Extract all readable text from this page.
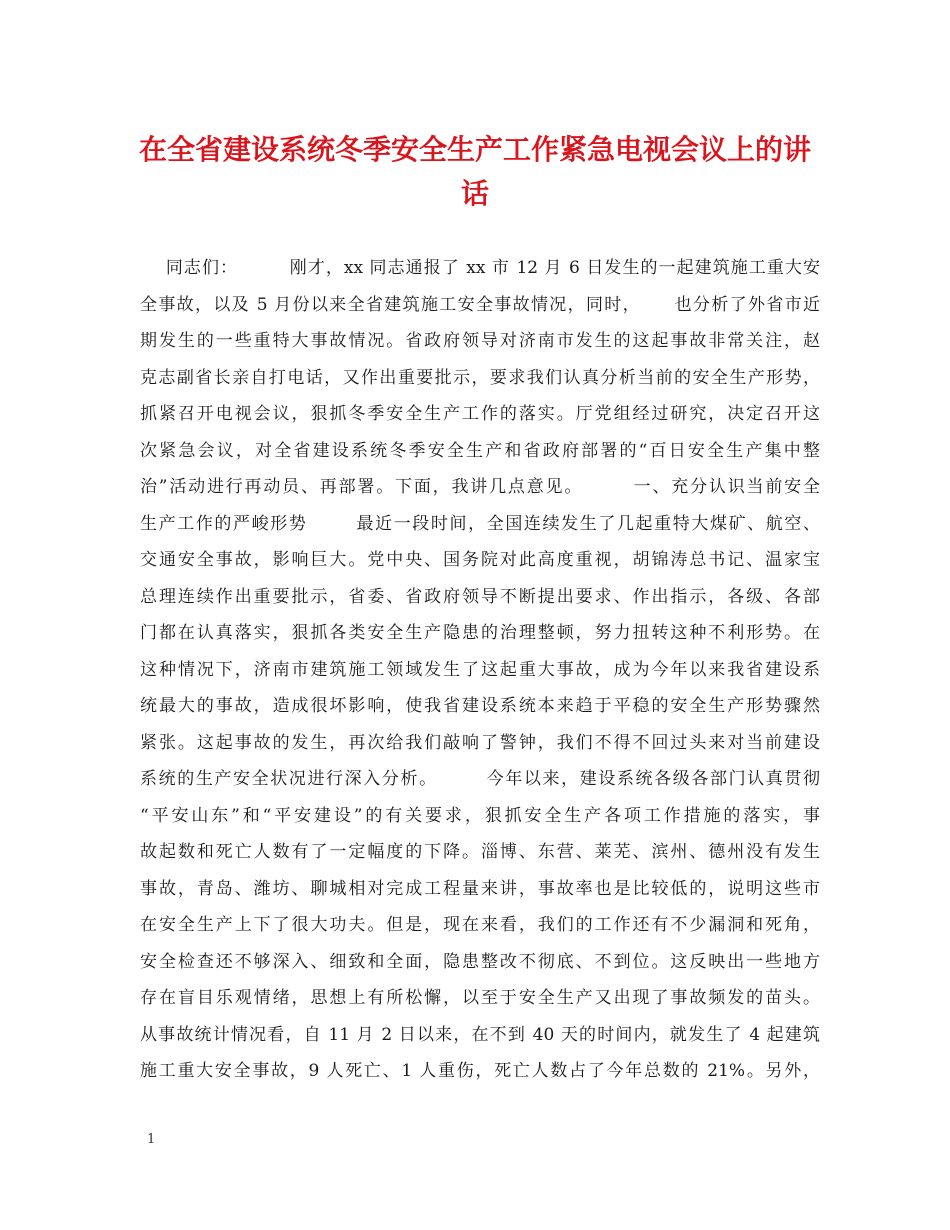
在全省建设系统冬季安全生产工作紧急电视会议上的讲
话
同志们：        刚才，xx 同志通报了 xx 市 12 月 6 日发生的一起建筑施工重大安
全事故，以及 5 月份以来全省建筑施工安全事故情况，同时，     也分析了外省市近
期发生的一些重特大事故情况。省政府领导对济南市发生的这起事故非常关注，赵
克志副省长亲自打电话，又作出重要批示，要求我们认真分析当前的安全生产形势，
抓紧召开电视会议，狠抓冬季安全生产工作的落实。厅党组经过研究，决定召开这
次紧急会议，对全省建设系统冬季安全生产和省政府部署的“百日安全生产集中整
治”活动进行再动员、再部署。下面，我讲几点意见。       一、充分认识当前安全
生产工作的严峻形势       最近一段时间，全国连续发生了几起重特大煤矿、航空、
交通安全事故，影响巨大。党中央、国务院对此高度重视，胡锦涛总书记、温家宝
总理连续作出重要批示，省委、省政府领导不断提出要求、作出指示，各级、各部
门都在认真落实，狠抓各类安全生产隐患的治理整顿，努力扭转这种不利形势。在
这种情况下，济南市建筑施工领域发生了这起重大事故，成为今年以来我省建设系
统最大的事故，造成很坏影响，使我省建设系统本来趋于平稳的安全生产形势骤然
紧张。这起事故的发生，再次给我们敲响了警钟，我们不得不回过头来对当前建设
系统的生产安全状况进行深入分析。       今年以来，建设系统各级各部门认真贯彻
“平安山东”和“平安建设”的有关要求，狠抓安全生产各项工作措施的落实，事
故起数和死亡人数有了一定幅度的下降。淄博、东营、莱芜、滨州、德州没有发生
事故，青岛、潍坊、聊城相对完成工程量来讲，事故率也是比较低的，说明这些市
在安全生产上下了很大功夫。但是，现在来看，我们的工作还有不少漏洞和死角，
安全检查还不够深入、细致和全面，隐患整改不彻底、不到位。这反映出一些地方
存在盲目乐观情绪，思想上有所松懈，以至于安全生产又出现了事故频发的苗头。
从事故统计情况看，自 11 月 2 日以来，在不到 40 天的时间内，就发生了 4 起建筑
施工重大安全事故，9 人死亡、1 人重伤，死亡人数占了今年总数的 21%。另外，
1
